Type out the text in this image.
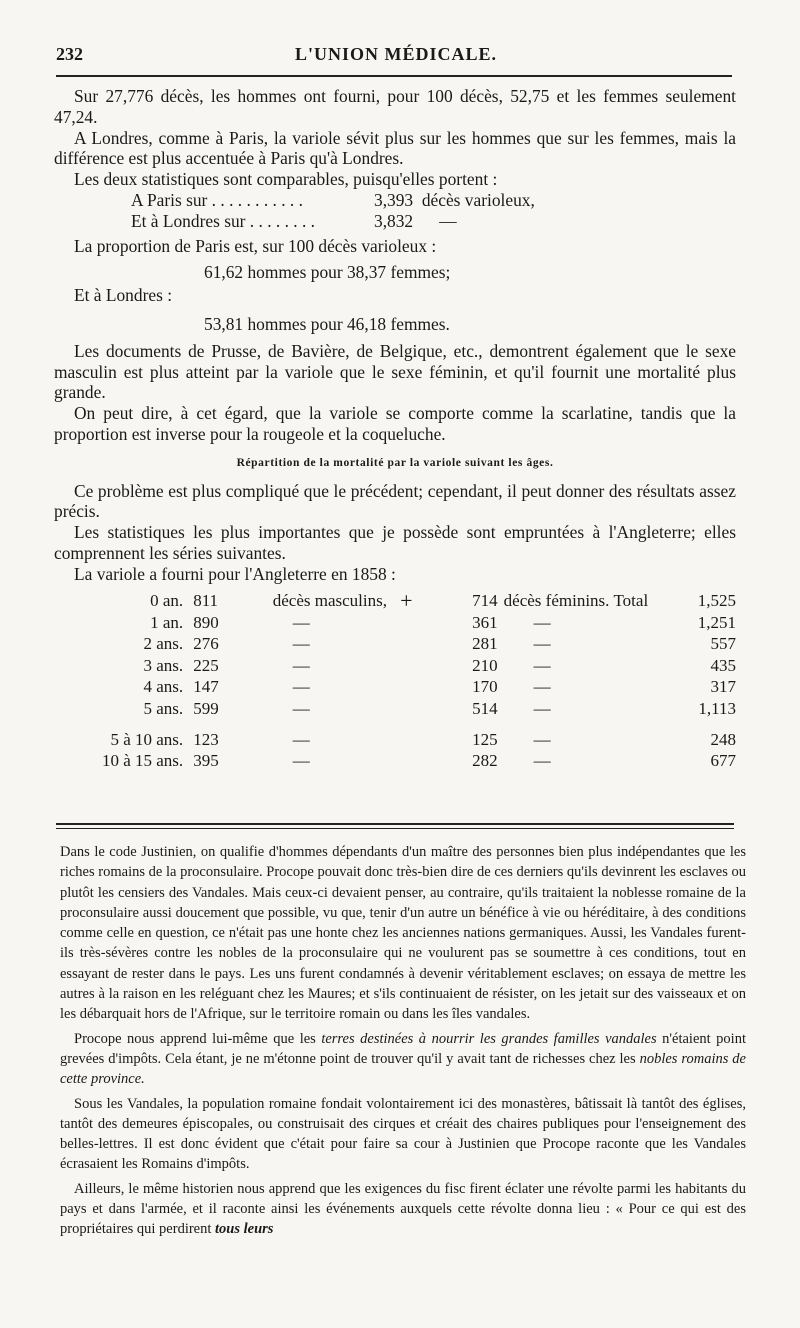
232	L'UNION MÉDICALE.

Sur 27,776 décès, les hommes ont fourni, pour 100 décès, 52,75 et les femmes seulement 47,24.

A Londres, comme à Paris, la variole sévit plus sur les hommes que sur les femmes, mais la différence est plus accentuée à Paris qu'à Londres.

Les deux statistiques sont comparables, puisqu'elles portent :

A Paris sur . . . . . . . . . . .	3,393  décès varioleux,
Et à Londres sur . . . . . . . .	3,832      —

La proportion de Paris est, sur 100 décès varioleux :

61,62 hommes pour 38,37 femmes;
Et à Londres :
53,81 hommes pour 46,18 femmes.

Les documents de Prusse, de Bavière, de Belgique, etc., demontrent également que le sexe masculin est plus atteint par la variole que le sexe féminin, et qu'il fournit une mortalité plus grande.

On peut dire, à cet égard, que la variole se comporte comme la scarlatine, tandis que la proportion est inverse pour la rougeole et la coqueluche.

Répartition de la mortalité par la variole suivant les âges.

Ce problème est plus compliqué que le précédent; cependant, il peut donner des résultats assez précis.

Les statistiques les plus importantes que je possède sont empruntées à l'Angleterre; elles comprennent les séries suivantes.

La variole a fourni pour l'Angleterre en 1858 :

0 an.	811	décès masculins,	+	714	décès féminins.	Total	1,525
1 an.	890	—		361	—		1,251
2 ans.	276	—		281	—		557
3 ans.	225	—		210	—		435
4 ans.	147	—		170	—		317
5 ans.	599	—		514	—		1,113
5 à 10 ans.	123	—		125	—		248
10 à 15 ans.	395	—		282	—		677

Dans le code Justinien, on qualifie d'hommes dépendants d'un maître des personnes bien plus indépendantes que les riches romains de la proconsulaire. Procope pouvait donc très-bien dire de ces derniers qu'ils devinrent les esclaves ou plutôt les censiers des Vandales. Mais ceux-ci devaient penser, au contraire, qu'ils traitaient la noblesse romaine de la proconsulaire aussi doucement que possible, vu que, tenir d'un autre un bénéfice à vie ou héréditaire, à des conditions comme celle en question, ce n'était pas une honte chez les anciennes nations germaniques. Aussi, les Vandales furent-ils très-sévères contre les nobles de la proconsulaire qui ne voulurent pas se soumettre à ces conditions, tout en essayant de rester dans le pays. Les uns furent condamnés à devenir véritablement esclaves; on essaya de mettre les autres à la raison en les reléguant chez les Maures; et s'ils continuaient de résister, on les jetait sur des vaisseaux et on les débarquait hors de l'Afrique, sur le territoire romain ou dans les îles vandales.

Procope nous apprend lui-même que les terres destinées à nourrir les grandes familles vandales n'étaient point grevées d'impôts. Cela étant, je ne m'étonne point de trouver qu'il y avait tant de richesses chez les nobles romains de cette province.

Sous les Vandales, la population romaine fondait volontairement ici des monastères, bâtissait là tantôt des églises, tantôt des demeures épiscopales, ou construisait des cirques et créait des chaires publiques pour l'enseignement des belles-lettres. Il est donc évident que c'était pour faire sa cour à Justinien que Procope raconte que les Vandales écrasaient les Romains d'impôts.

Ailleurs, le même historien nous apprend que les exigences du fisc firent éclater une révolte parmi les habitants du pays et dans l'armée, et il raconte ainsi les événements auxquels cette révolte donna lieu : « Pour ce qui est des propriétaires qui perdirent tous leurs
